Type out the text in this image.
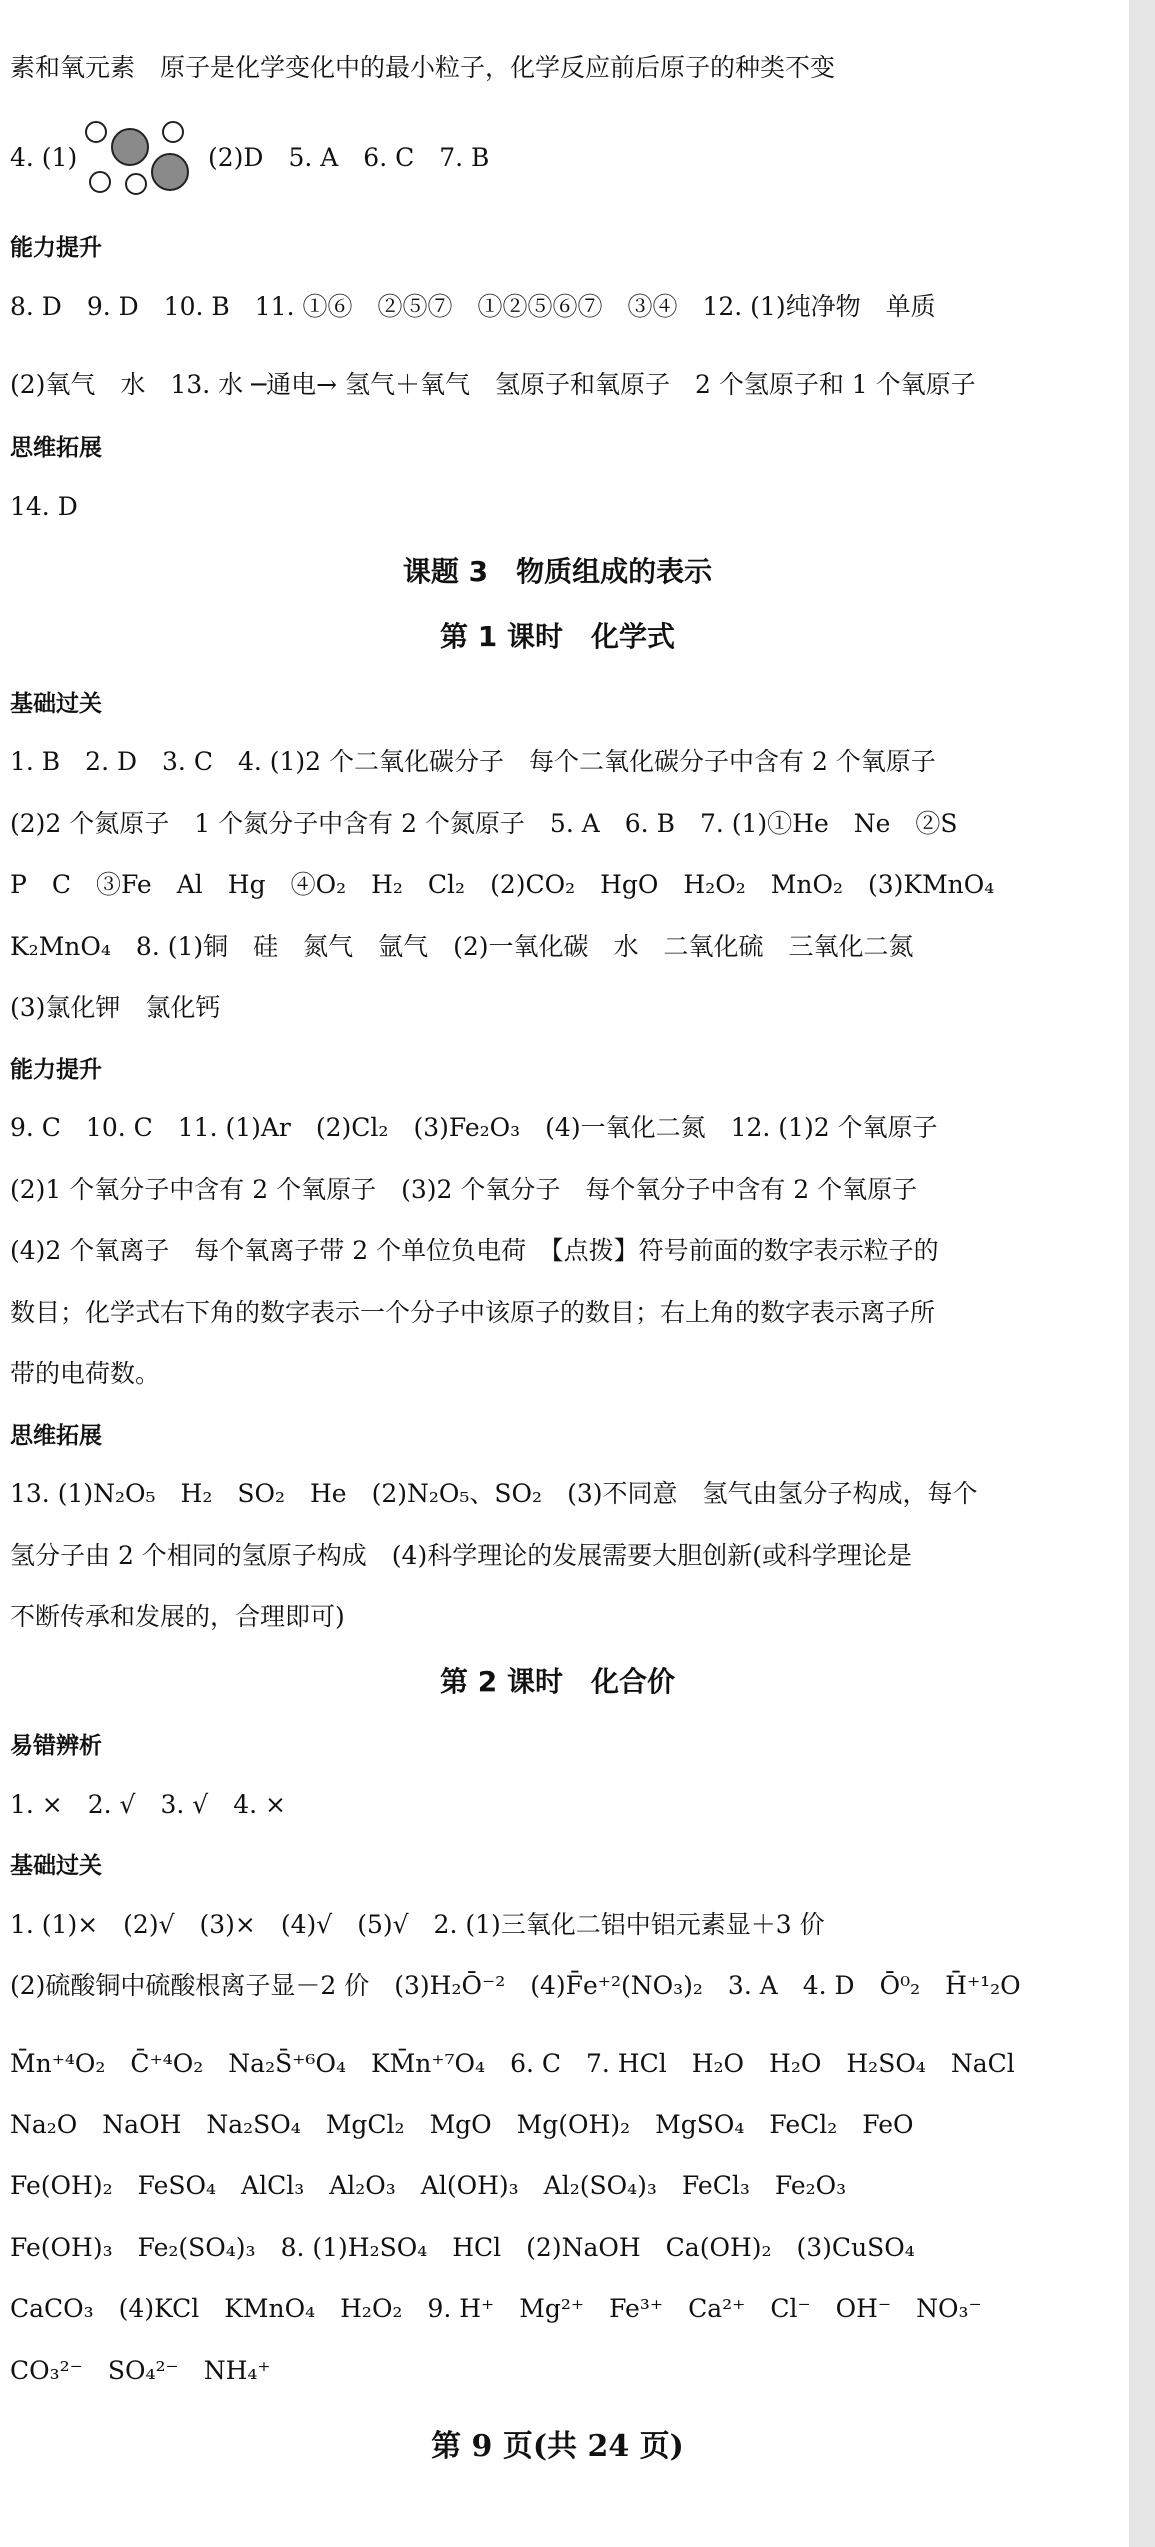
素和氧元素　原子是化学变化中的最小粒子，化学反应前后原子的种类不变
4. (1)	(2)D　5. A　6. C　7. B
能力提升
8. D　9. D　10. B　11. ①⑥　②⑤⑦　①②⑤⑥⑦　③④　12. (1)纯净物　单质
(2)氧气　水　13. 水 ─通电→ 氢气＋氧气　氢原子和氧原子　2 个氢原子和 1 个氧原子
思维拓展
14. D
课题 3　物质组成的表示
第 1 课时　化学式
基础过关
1. B　2. D　3. C　4. (1)2 个二氧化碳分子　每个二氧化碳分子中含有 2 个氧原子
(2)2 个氮原子　1 个氮分子中含有 2 个氮原子　5. A　6. B　7. (1)①He　Ne　②S
P　C　③Fe　Al　Hg　④O₂　H₂　Cl₂　(2)CO₂　HgO　H₂O₂　MnO₂　(3)KMnO₄
K₂MnO₄　8. (1)铜　硅　氮气　氩气　(2)一氧化碳　水　二氧化硫　三氧化二氮
(3)氯化钾　氯化钙
能力提升
9. C　10. C　11. (1)Ar　(2)Cl₂　(3)Fe₂O₃　(4)一氧化二氮　12. (1)2 个氧原子
(2)1 个氧分子中含有 2 个氧原子　(3)2 个氧分子　每个氧分子中含有 2 个氧原子
(4)2 个氧离子　每个氧离子带 2 个单位负电荷　【点拨】符号前面的数字表示粒子的
数目；化学式右下角的数字表示一个分子中该原子的数目；右上角的数字表示离子所
带的电荷数。
思维拓展
13. (1)N₂O₅　H₂　SO₂　He　(2)N₂O₅、SO₂　(3)不同意　氢气由氢分子构成，每个
氢分子由 2 个相同的氢原子构成　(4)科学理论的发展需要大胆创新(或科学理论是
不断传承和发展的，合理即可)
第 2 课时　化合价
易错辨析
1. ×　2. √　3. √　4. ×
基础过关
1. (1)×　(2)√　(3)×　(4)√　(5)√　2. (1)三氧化二铝中铝元素显＋3 价
(2)硫酸铜中硫酸根离子显－2 价　(3)H₂Ō⁻²　(4)F̄e⁺²(NO₃)₂　3. A　4. D　Ō⁰₂　H̄⁺¹₂O
M̄n⁺⁴O₂　C̄⁺⁴O₂　Na₂S̄⁺⁶O₄　KM̄n⁺⁷O₄　6. C　7. HCl　H₂O　H₂O　H₂SO₄　NaCl
Na₂O　NaOH　Na₂SO₄　MgCl₂　MgO　Mg(OH)₂　MgSO₄　FeCl₂　FeO
Fe(OH)₂　FeSO₄　AlCl₃　Al₂O₃　Al(OH)₃　Al₂(SO₄)₃　FeCl₃　Fe₂O₃
Fe(OH)₃　Fe₂(SO₄)₃　8. (1)H₂SO₄　HCl　(2)NaOH　Ca(OH)₂　(3)CuSO₄
CaCO₃　(4)KCl　KMnO₄　H₂O₂　9. H⁺　Mg²⁺　Fe³⁺　Ca²⁺　Cl⁻　OH⁻　NO₃⁻
CO₃²⁻　SO₄²⁻　NH₄⁺
第 9 页(共 24 页)
